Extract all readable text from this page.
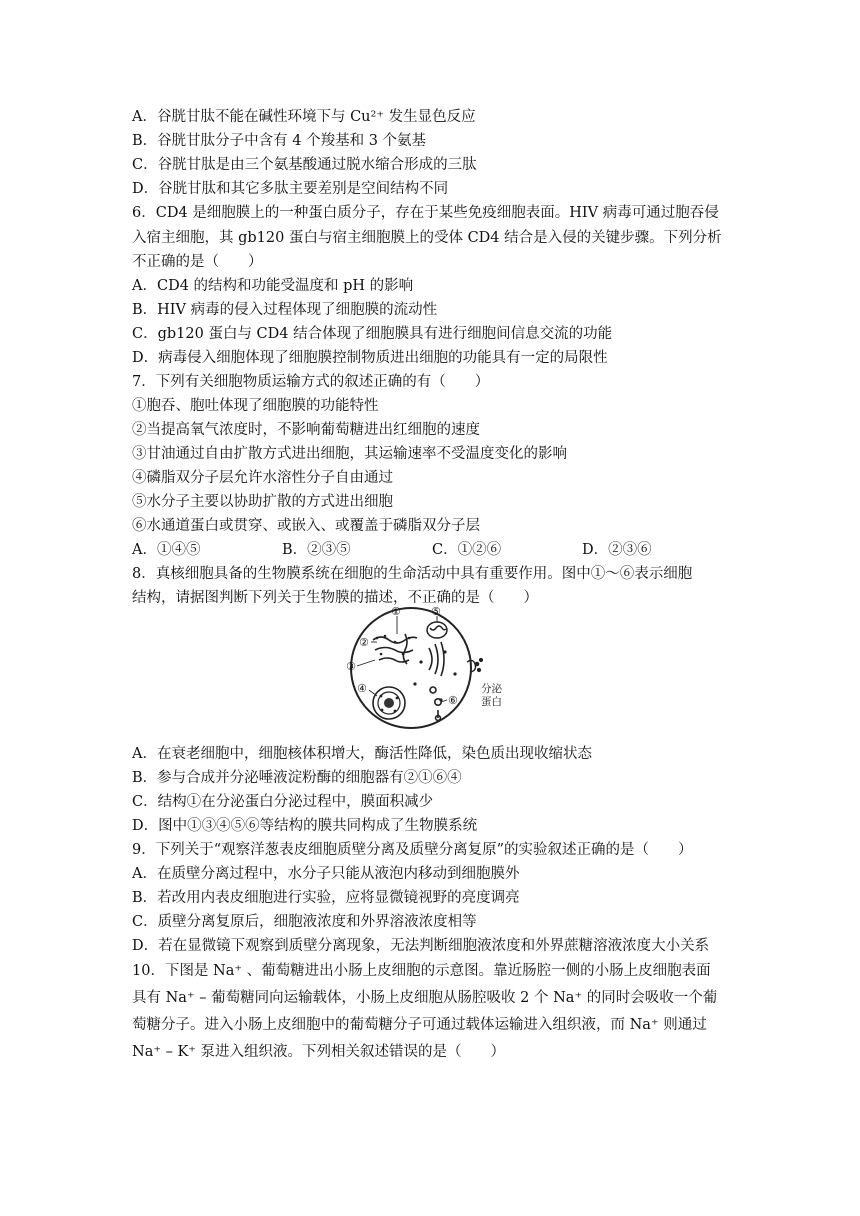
A．谷胱甘肽不能在碱性环境下与 Cu²⁺ 发生显色反应
B．谷胱甘肽分子中含有 4 个羧基和 3 个氨基
C．谷胱甘肽是由三个氨基酸通过脱水缩合形成的三肽
D．谷胱甘肽和其它多肽主要差别是空间结构不同
6．CD4 是细胞膜上的一种蛋白质分子，存在于某些免疫细胞表面。HIV 病毒可通过胞吞侵
入宿主细胞，其 gb120 蛋白与宿主细胞膜上的受体 CD4 结合是入侵的关键步骤。下列分析
不正确的是（　　）
A．CD4 的结构和功能受温度和 pH 的影响
B．HIV 病毒的侵入过程体现了细胞膜的流动性
C．gb120 蛋白与 CD4 结合体现了细胞膜具有进行细胞间信息交流的功能
D．病毒侵入细胞体现了细胞膜控制物质进出细胞的功能具有一定的局限性
7．下列有关细胞物质运输方式的叙述正确的有（　　）
①胞吞、胞吐体现了细胞膜的功能特性
②当提高氧气浓度时，不影响葡萄糖进出红细胞的速度
③甘油通过自由扩散方式进出细胞，其运输速率不受温度变化的影响
④磷脂双分子层允许水溶性分子自由通过
⑤水分子主要以协助扩散的方式进出细胞
⑥水通道蛋白或贯穿、或嵌入、或覆盖于磷脂双分子层
A．①④⑤	B．②③⑤	C．①②⑥	D．②③⑥
8．真核细胞具备的生物膜系统在细胞的生命活动中具有重要作用。图中①～⑥表示细胞
结构，请据图判断下列关于生物膜的描述，不正确的是（　　）
①
②
③
④
⑤
⑥
分泌
蛋白
A．在衰老细胞中，细胞核体积增大，酶活性降低，染色质出现收缩状态
B．参与合成并分泌唾液淀粉酶的细胞器有②①⑥④
C．结构①在分泌蛋白分泌过程中，膜面积减少
D．图中①③④⑤⑥等结构的膜共同构成了生物膜系统
9．下列关于“观察洋葱表皮细胞质壁分离及质壁分离复原”的实验叙述正确的是（　　）
A．在质壁分离过程中，水分子只能从液泡内移动到细胞膜外
B．若改用内表皮细胞进行实验，应将显微镜视野的亮度调亮
C．质壁分离复原后，细胞液浓度和外界溶液浓度相等
D．若在显微镜下观察到质壁分离现象，无法判断细胞液浓度和外界蔗糖溶液浓度大小关系
10．下图是 Na⁺ 、葡萄糖进出小肠上皮细胞的示意图。靠近肠腔一侧的小肠上皮细胞表面
具有 Na⁺ – 葡萄糖同向运输载体，小肠上皮细胞从肠腔吸收 2 个 Na⁺ 的同时会吸收一个葡
萄糖分子。进入小肠上皮细胞中的葡萄糖分子可通过载体运输进入组织液，而 Na⁺ 则通过
Na⁺ – K⁺ 泵进入组织液。下列相关叙述错误的是（　　）
